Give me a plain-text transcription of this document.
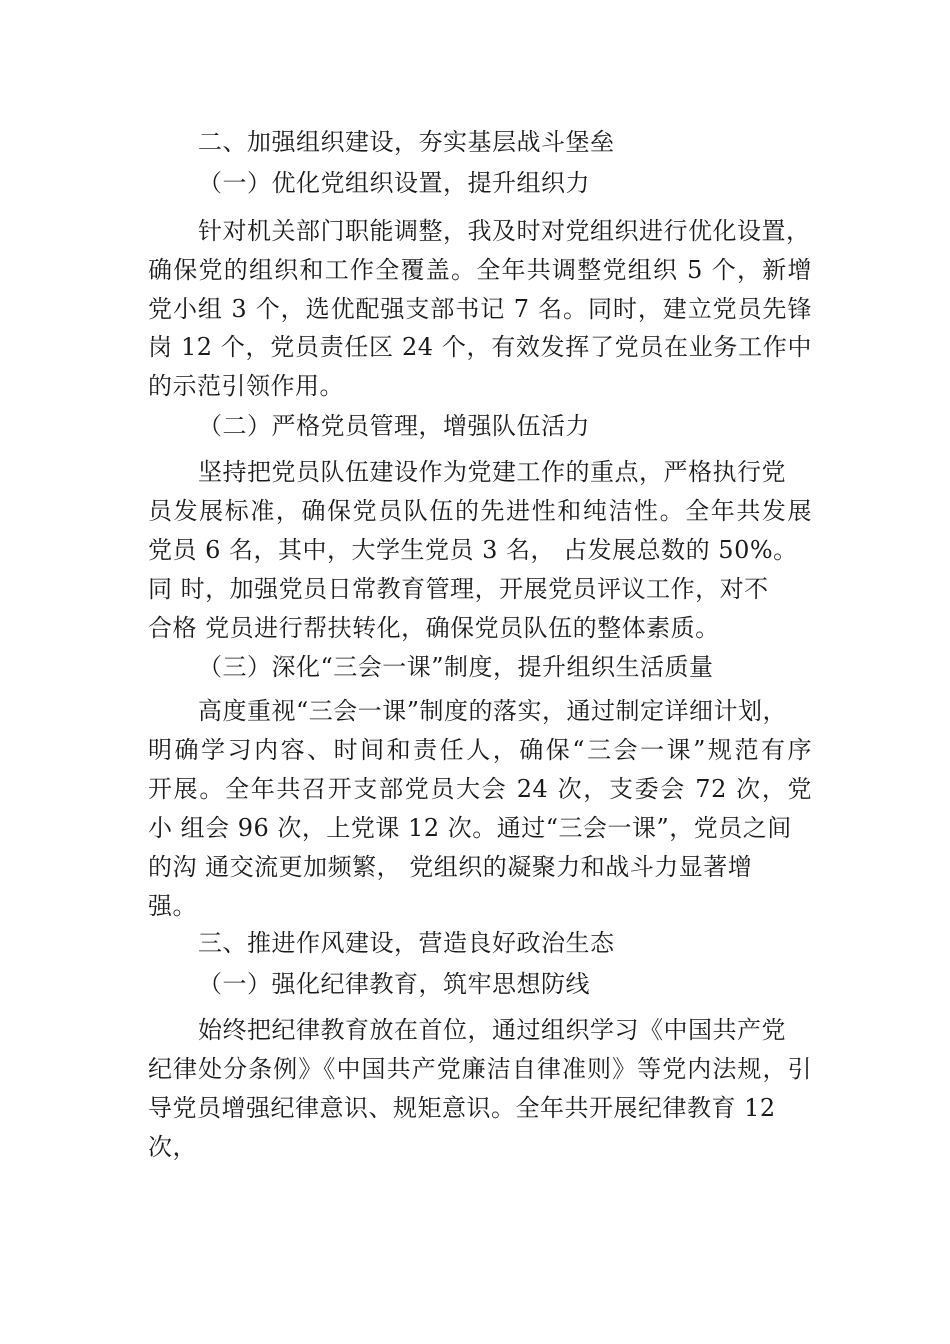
二、加强组织建设，夯实基层战斗堡垒
（一）优化党组织设置，提升组织力
针对机关部门职能调整，我及时对党组织进行优化设置，
确保党的组织和工作全覆盖。全年共调整党组织 5 个，新增
党小组 3 个，选优配强支部书记 7 名。同时，建立党员先锋
岗 12 个，党员责任区 24 个，有效发挥了党员在业务工作中
的示范引领作用。
（二）严格党员管理，增强队伍活力
坚持把党员队伍建设作为党建工作的重点，严格执行党
员发展标准，确保党员队伍的先进性和纯洁性。全年共发展
党员 6 名，其中，大学生党员 3 名， 占发展总数的 50%。
同 时，加强党员日常教育管理，开展党员评议工作，对不
合格 党员进行帮扶转化，确保党员队伍的整体素质。
（三）深化“三会一课”制度，提升组织生活质量
高度重视“三会一课”制度的落实，通过制定详细计划，
明确学习内容、时间和责任人，确保“三会一课”规范有序
开展。全年共召开支部党员大会 24 次，支委会 72 次，党
小 组会 96 次，上党课 12 次。通过“三会一课”，党员之间
的沟 通交流更加频繁， 党组织的凝聚力和战斗力显著增
强。
三、推进作风建设，营造良好政治生态
（一）强化纪律教育，筑牢思想防线
始终把纪律教育放在首位，通过组织学习《中国共产党
纪律处分条例》《中国共产党廉洁自律准则》等党内法规，引
导党员增强纪律意识、规矩意识。全年共开展纪律教育 12
次，
